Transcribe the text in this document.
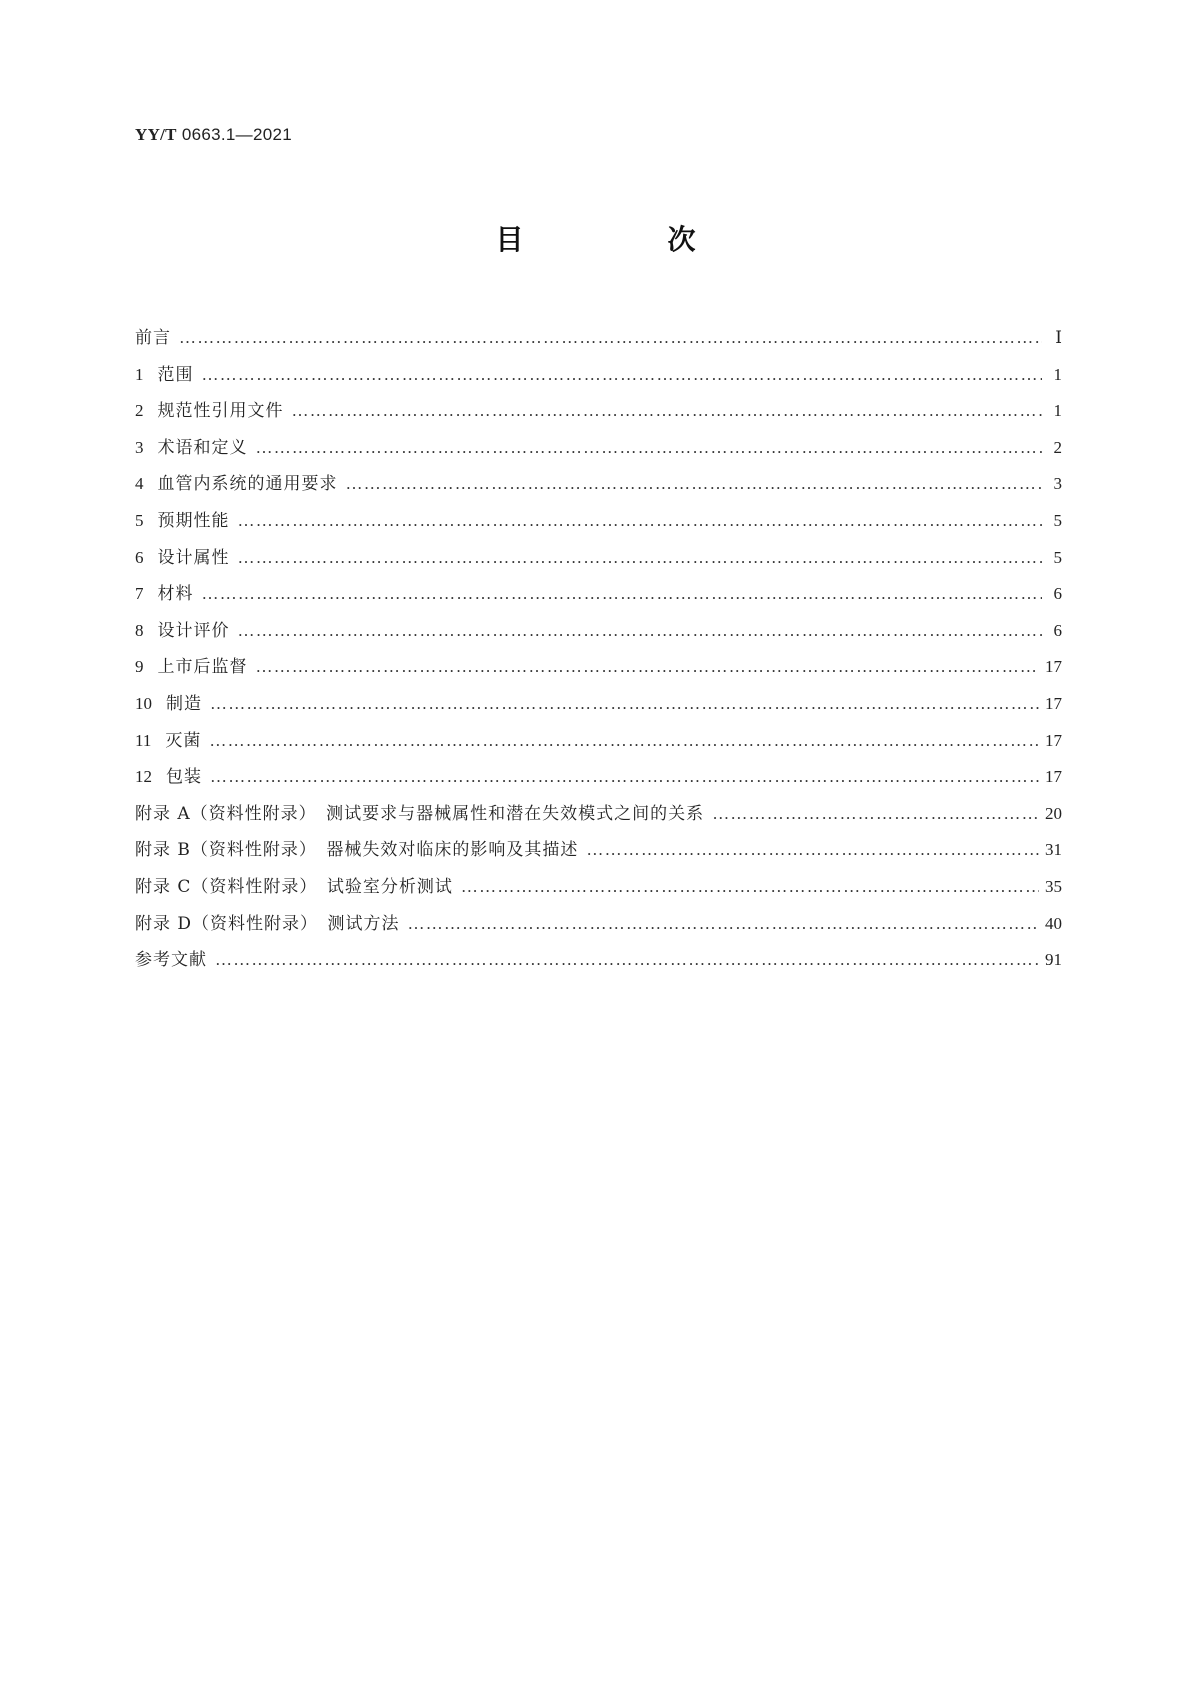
YY/T 0663.1—2021
目　次
前言 …………………………………………………………………………………………………………………………………………………………………………………………………………………………	Ⅰ
1 范围 …………………………………………………………………………………………………………………………………………………………………………………………………………………………	1
2 规范性引用文件 …………………………………………………………………………………………………………………………………………………………………………………………………………………………	1
3 术语和定义 …………………………………………………………………………………………………………………………………………………………………………………………………………………………	2
4 血管内系统的通用要求 …………………………………………………………………………………………………………………………………………………………………………………………………………………………	3
5 预期性能 …………………………………………………………………………………………………………………………………………………………………………………………………………………………	5
6 设计属性 …………………………………………………………………………………………………………………………………………………………………………………………………………………………	5
7 材料 …………………………………………………………………………………………………………………………………………………………………………………………………………………………	6
8 设计评价 …………………………………………………………………………………………………………………………………………………………………………………………………………………………	6
9 上市后监督 …………………………………………………………………………………………………………………………………………………………………………………………………………………………	17
10 制造 …………………………………………………………………………………………………………………………………………………………………………………………………………………………	17
11 灭菌 …………………………………………………………………………………………………………………………………………………………………………………………………………………………	17
12 包装 …………………………………………………………………………………………………………………………………………………………………………………………………………………………	17
附录 A（资料性附录）　测试要求与器械属性和潜在失效模式之间的关系 …………………………………………………………………………………………………………………………………………………………………………………………………………………………	20
附录 B（资料性附录）　器械失效对临床的影响及其描述 …………………………………………………………………………………………………………………………………………………………………………………………………………………………	31
附录 C（资料性附录）　试验室分析测试 …………………………………………………………………………………………………………………………………………………………………………………………………………………………	35
附录 D（资料性附录）　测试方法 …………………………………………………………………………………………………………………………………………………………………………………………………………………………	40
参考文献 …………………………………………………………………………………………………………………………………………………………………………………………………………………………	91
